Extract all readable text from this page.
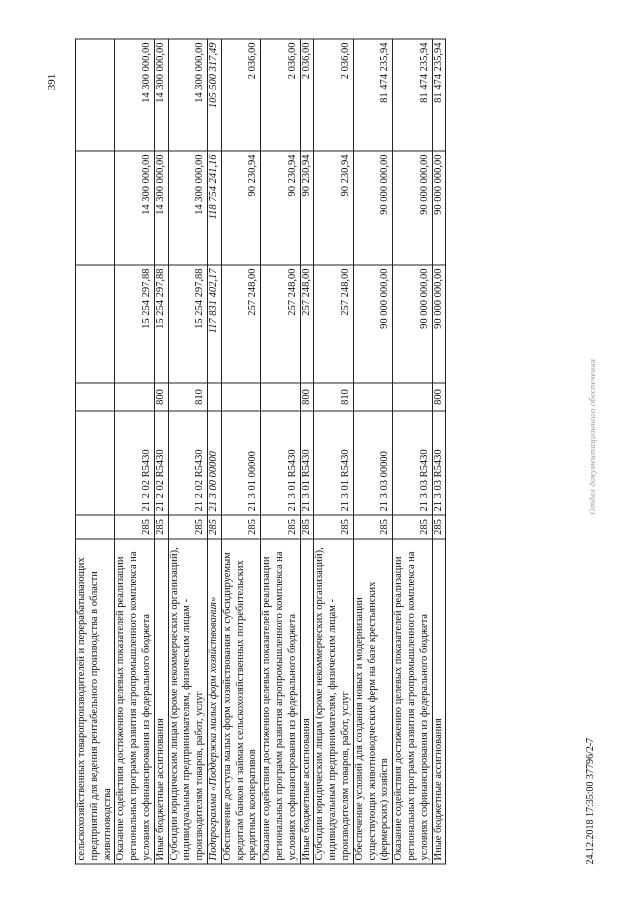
391
сельскохозяйственных товаропроизводителей и перерабатывающих предприятий для ведения рентабельного производства в области животноводства						
Оказание содействия достижению целевых показателей реализации региональных программ развития агропромышленного комплекса на условиях софинансирования из федерального бюджета	285	21 2 02 R5430		15 254 297,88	14 300 000,00	14 300 000,00
Иные бюджетные ассигнования	285	21 2 02 R5430	800	15 254 297,88	14 300 000,00	14 300 000,00
Субсидии юридическим лицам (кроме некоммерческих организаций), индивидуальным предпринимателям, физическим лицам - производителям товаров, работ, услуг	285	21 2 02 R5430	810	15 254 297,88	14 300 000,00	14 300 000,00
Подпрограмма «Поддержка малых форм хозяйствования»	285	21 3 00 00000		117 831 402,17	118 754 241,16	105 500 317,49
Обеспечение доступа малых форм хозяйствования к субсидируемым кредитам банков и займам сельскохозяйственных потребительских кредитных кооперативов	285	21 3 01 00000		257 248,00	90 230,94	2 036,00
Оказание содействия достижению целевых показателей реализации региональных программ развития агропромышленного комплекса на условиях софинансирования из федерального бюджета	285	21 3 01 R5430		257 248,00	90 230,94	2 036,00
Иные бюджетные ассигнования	285	21 3 01 R5430	800	257 248,00	90 230,94	2 036,00
Субсидии юридическим лицам (кроме некоммерческих организаций), индивидуальным предпринимателям, физическим лицам - производителям товаров, работ, услуг	285	21 3 01 R5430	810	257 248,00	90 230,94	2 036,00
Обеспечение условий для создания новых и модернизации существующих животноводческих ферм на базе крестьянских (фермерских) хозяйств	285	21 3 03 00000		90 000 000,00	90 000 000,00	81 474 235,94
Оказание содействия достижению целевых показателей реализации региональных программ развития агропромышленного комплекса на условиях софинансирования из федерального бюджета	285	21 3 03 R5430		90 000 000,00	90 000 000,00	81 474 235,94
Иные бюджетные ассигнования	285	21 3 03 R5430	800	90 000 000,00	90 000 000,00	81 474 235,94
24.12.2018 17:35:00 37796/2-7
Отдел документационного обеспечения
